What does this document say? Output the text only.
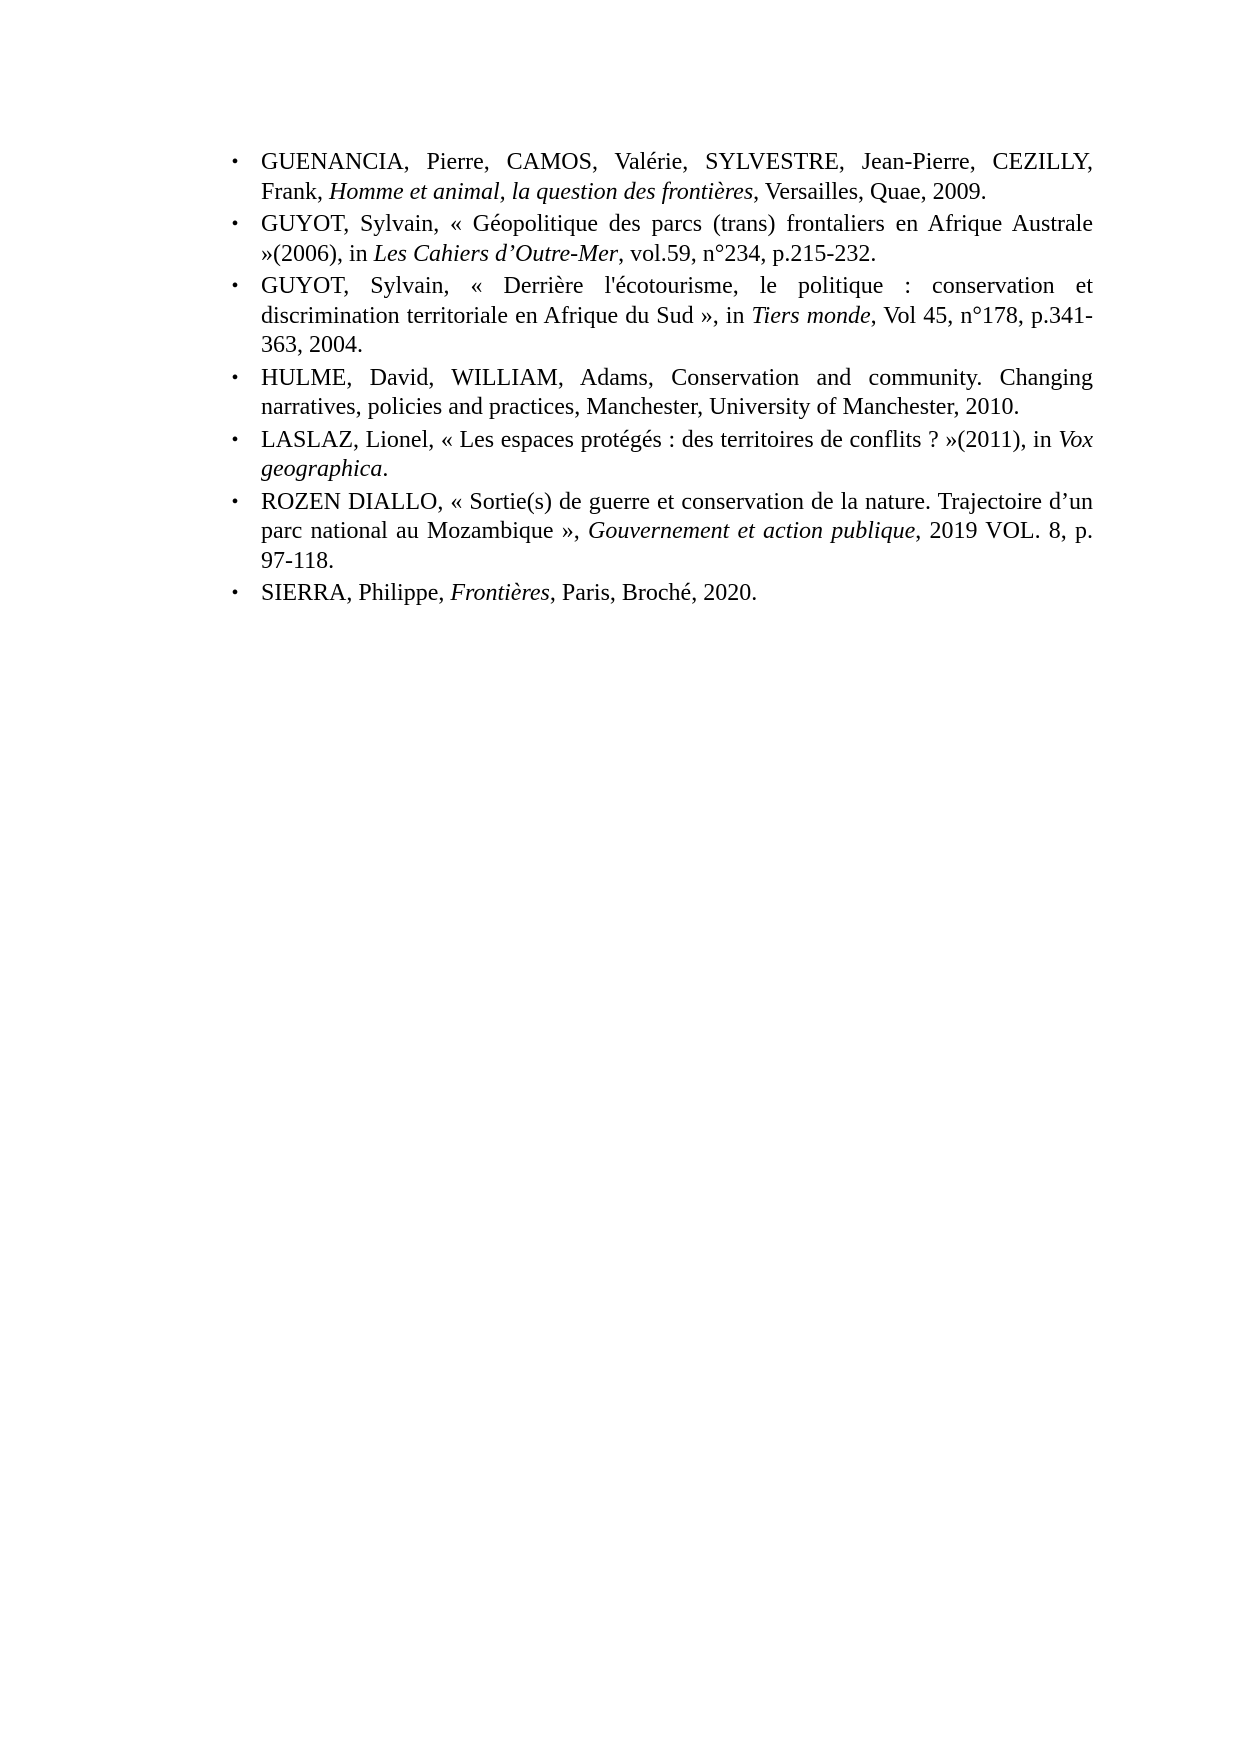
• GUENANCIA, Pierre, CAMOS, Valérie, SYLVESTRE, Jean-Pierre, CEZILLY, Frank, Homme et animal, la question des frontières, Versailles, Quae, 2009.
• GUYOT, Sylvain, « Géopolitique des parcs (trans) frontaliers en Afrique Australe »(2006), in Les Cahiers d’Outre-Mer, vol.59, n°234, p.215-232.
• GUYOT, Sylvain, « Derrière l'écotourisme, le politique : conservation et discrimination territoriale en Afrique du Sud », in Tiers monde, Vol 45, n°178, p.341-363, 2004.
• HULME, David, WILLIAM, Adams, Conservation and community. Changing narratives, policies and practices, Manchester, University of Manchester, 2010.
• LASLAZ, Lionel, « Les espaces protégés : des territoires de conflits ? »(2011), in Vox geographica.
• ROZEN DIALLO, « Sortie(s) de guerre et conservation de la nature. Trajectoire d’un parc national au Mozambique », Gouvernement et action publique, 2019 VOL. 8, p. 97-118.
• SIERRA, Philippe, Frontières, Paris, Broché, 2020.
